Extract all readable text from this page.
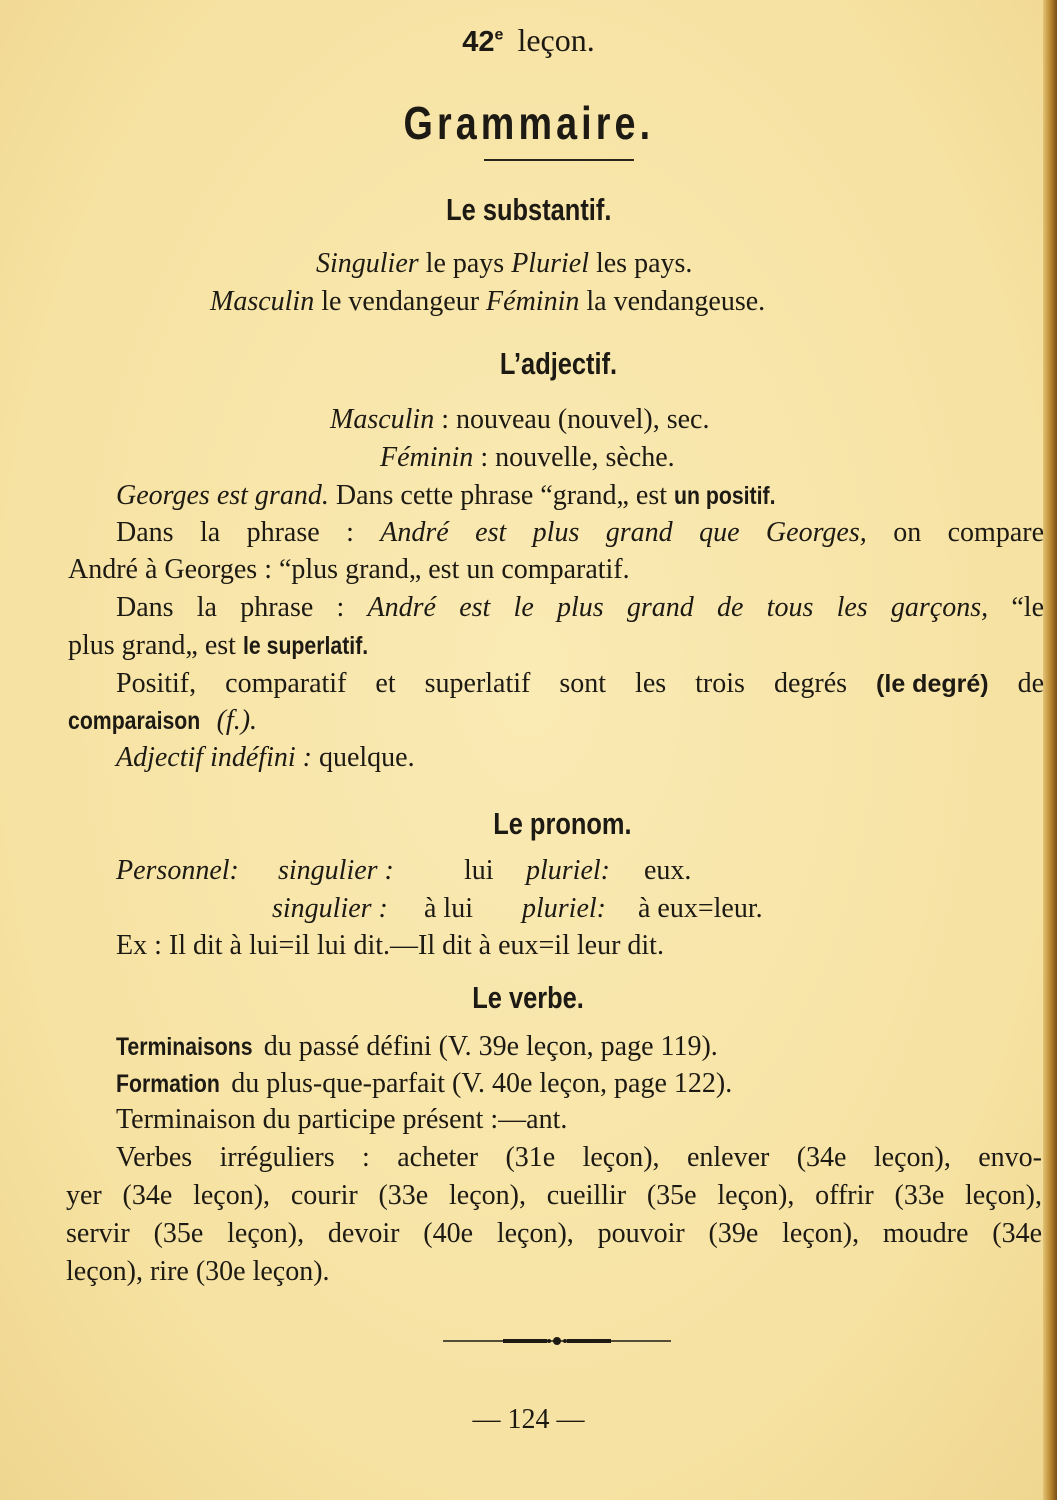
42e leçon.
Grammaire.
Le substantif.
Singulier le pays Pluriel les pays.
Masculin le vendangeur Féminin la vendangeuse.
L’adjectif.
Masculin : nouveau (nouvel), sec.
Féminin : nouvelle, sèche.
Georges est grand. Dans cette phrase “grand„ est un positif.
Dans la phrase : André est plus grand que Georges, on compare
André à Georges : “plus grand„ est un comparatif.
Dans la phrase : André est le plus grand de tous les garçons, “le
plus grand„ est le superlatif.
Positif, comparatif et superlatif sont les trois degrés (le degré) de
comparaison (f.).
Adjectif indéfini : quelque.
Le pronom.
Personnel: singulier :	lui pluriel: eux.
singulier : à lui pluriel: à eux=leur.
Ex : Il dit à lui=il lui dit.—Il dit à eux=il leur dit.
Le verbe.
Terminaisons du passé défini (V. 39e leçon, page 119).
Formation du plus-que-parfait (V. 40e leçon, page 122).
Terminaison du participe présent :—ant.
Verbes irréguliers : acheter (31e leçon), enlever (34e leçon), envo-
yer (34e leçon), courir (33e leçon), cueillir (35e leçon), offrir (33e leçon),
servir (35e leçon), devoir (40e leçon), pouvoir (39e leçon), moudre (34e
leçon), rire (30e leçon).
— 124 —
